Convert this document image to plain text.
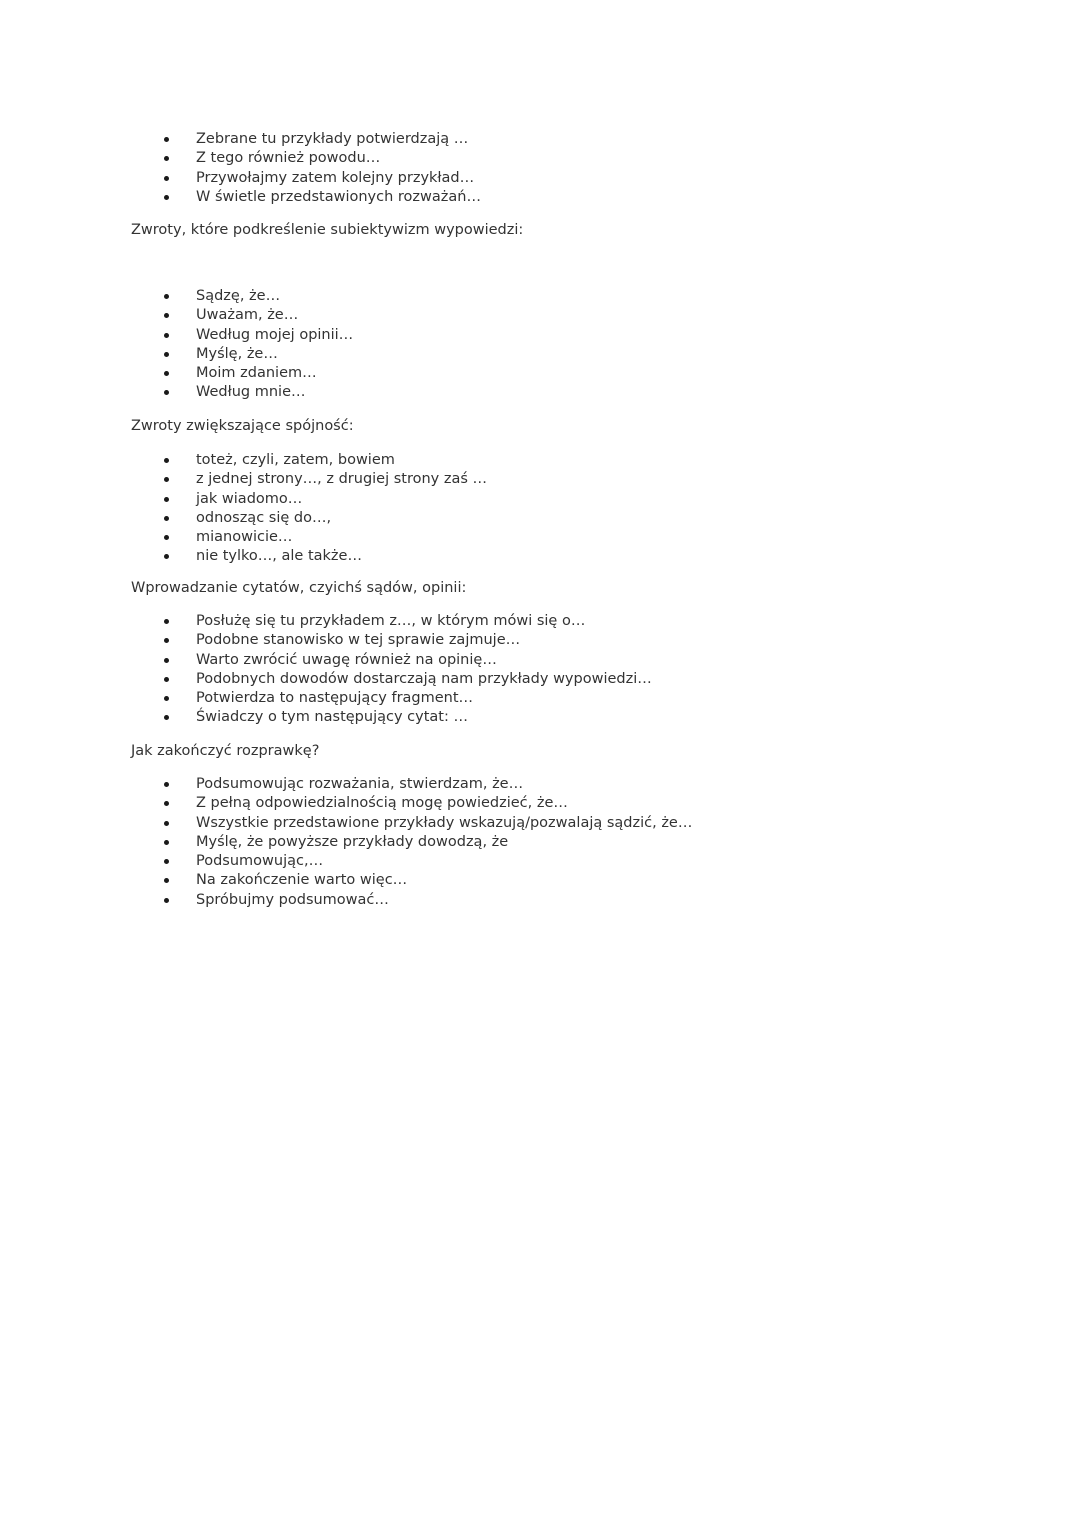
Zebrane tu przykłady potwierdzają …
Z tego również powodu…
Przywołajmy zatem kolejny przykład…
W świetle przedstawionych rozważań…
Zwroty, które podkreślenie subiektywizm wypowiedzi:
Sądzę, że…
Uważam, że…
Według mojej opinii…
Myślę, że…
Moim zdaniem…
Według mnie…
Zwroty zwiększające spójność:
toteż, czyli, zatem, bowiem
z jednej strony…, z drugiej strony zaś …
jak wiadomo…
odnosząc się do…,
mianowicie…
nie tylko…, ale także…
Wprowadzanie cytatów, czyichś sądów, opinii:
Posłużę się tu przykładem z…, w którym mówi się o…
Podobne stanowisko w tej sprawie zajmuje…
Warto zwrócić uwagę również na opinię…
Podobnych dowodów dostarczają nam przykłady wypowiedzi…
Potwierdza to następujący fragment…
Świadczy o tym następujący cytat: …
Jak zakończyć rozprawkę?
Podsumowując rozważania, stwierdzam, że…
Z pełną odpowiedzialnością mogę powiedzieć, że…
Wszystkie przedstawione przykłady wskazują/pozwalają sądzić, że…
Myślę, że powyższe przykłady dowodzą, że
Podsumowując,…
Na zakończenie warto więc…
Spróbujmy podsumować…
